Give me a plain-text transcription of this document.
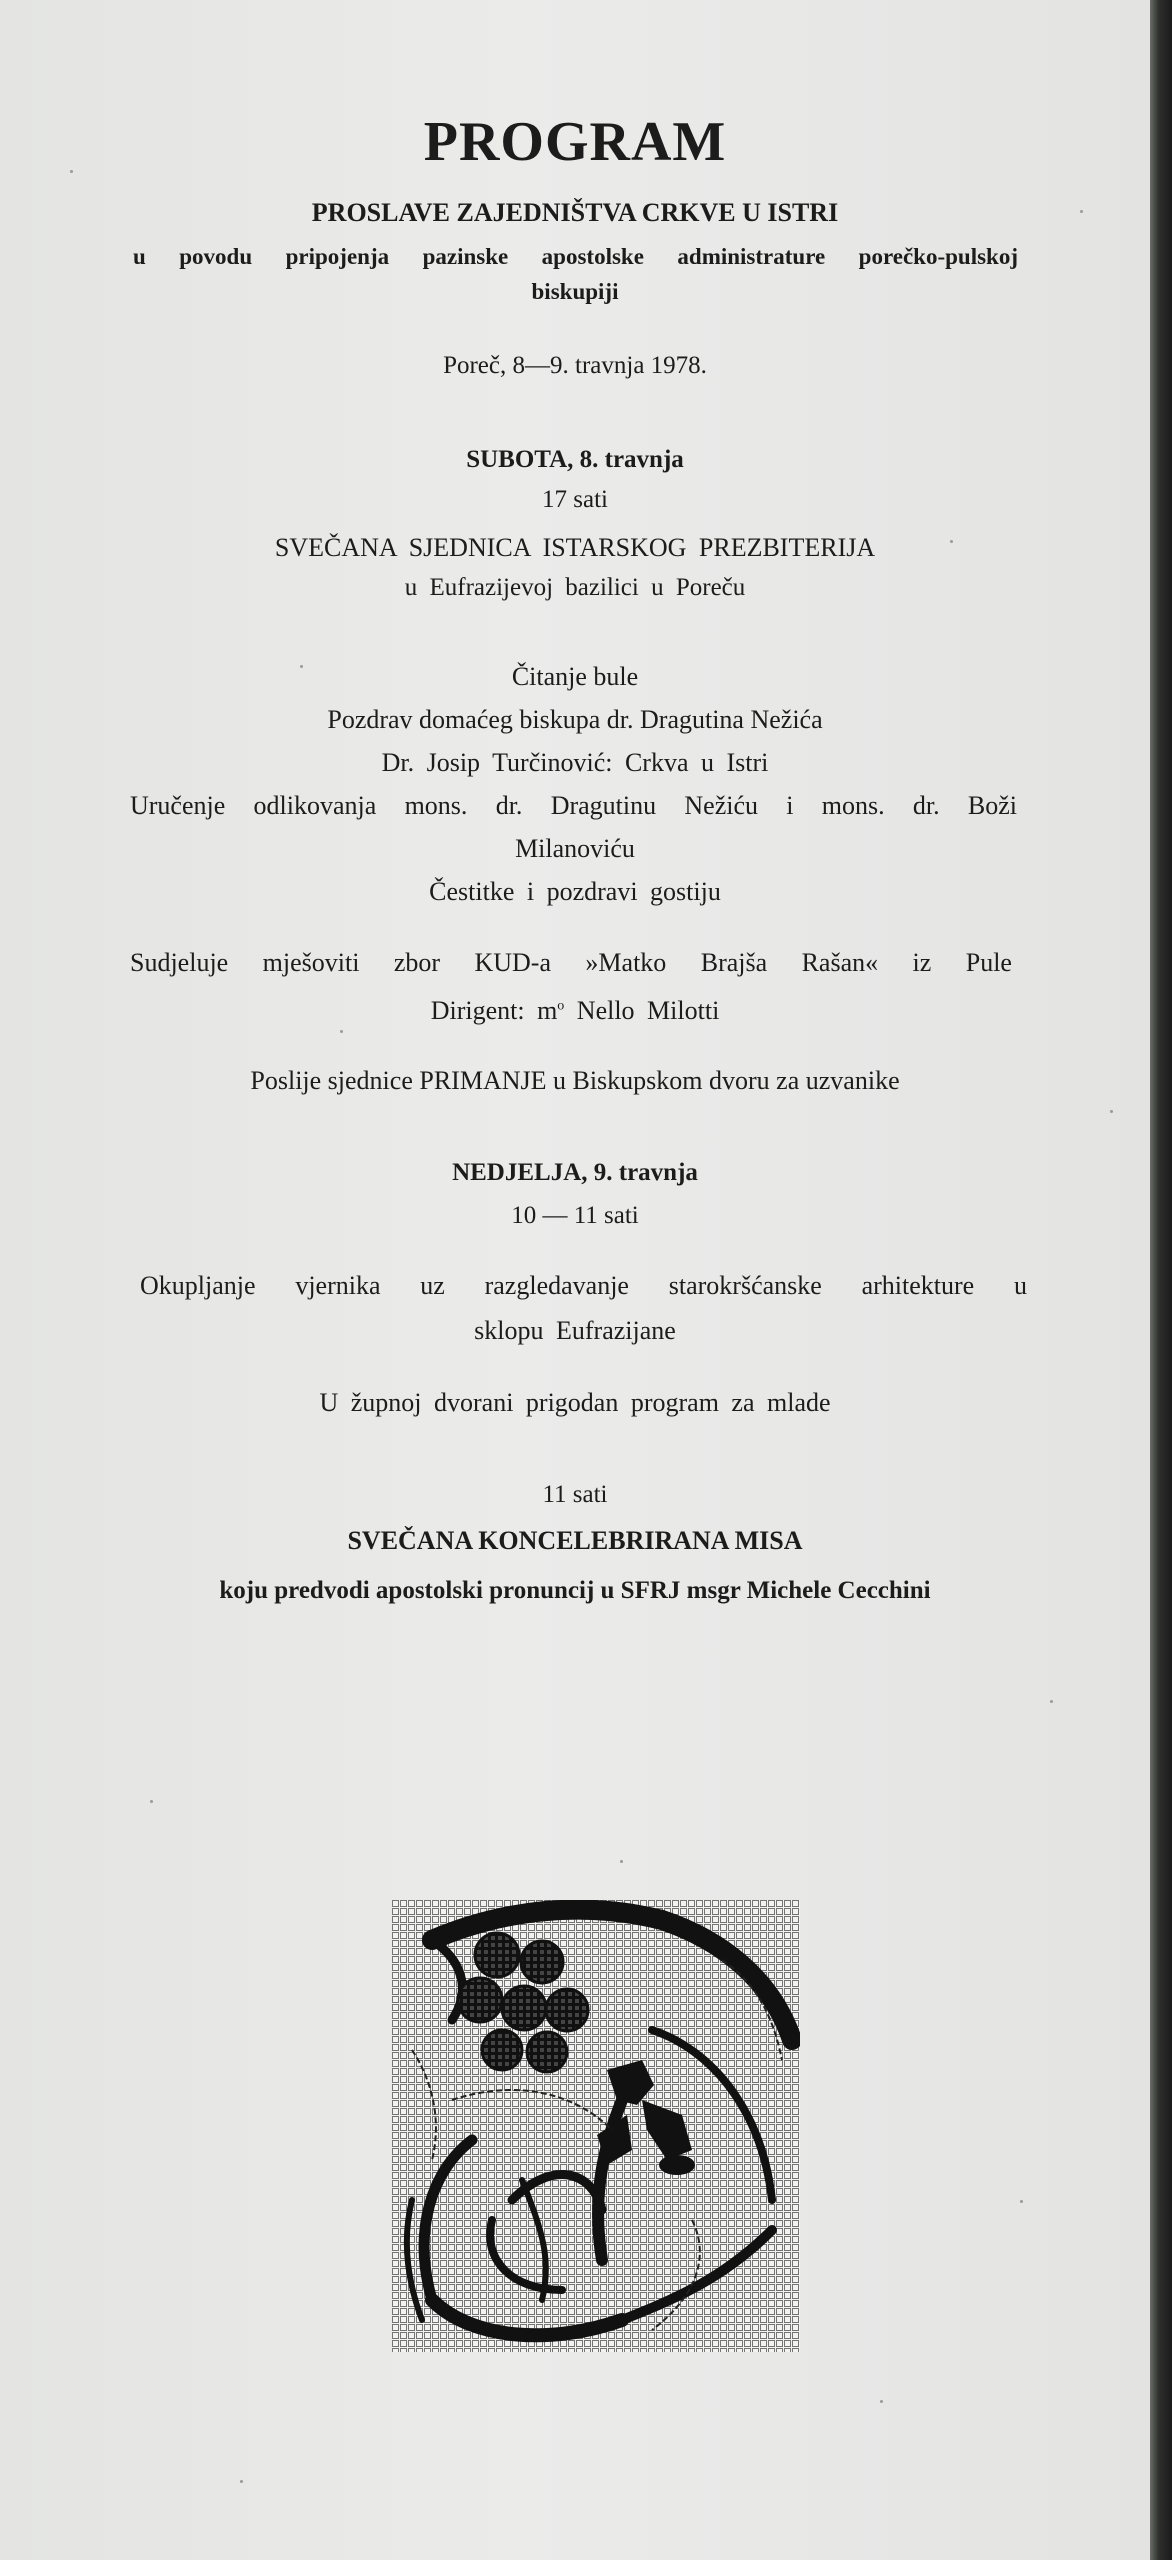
PROGRAM
PROSLAVE ZAJEDNIŠTVA CRKVE U ISTRI
u povodu pripojenja pazinske apostolske administrature porečko-pulskoj
biskupiji
Poreč, 8—9. travnja 1978.
SUBOTA, 8. travnja
17 sati
SVEČANA SJEDNICA ISTARSKOG PREZBITERIJA
u Eufrazijevoj bazilici u Poreču
Čitanje bule
Pozdrav domaćeg biskupa dr. Dragutina Nežića
Dr. Josip Turčinović: Crkva u Istri
Uručenje odlikovanja mons. dr. Dragutinu Nežiću i mons. dr. Boži
Milanoviću
Čestitke i pozdravi gostiju
Sudjeluje mješoviti zbor KUD-a »Matko Brajša Rašan« iz Pule
Dirigent: $m^o$ Nello Milotti
Poslije sjednice PRIMANJE u Biskupskom dvoru za uzvanike
NEDJELJA, 9. travnja
10 — 11 sati
Okupljanje vjernika uz razgledavanje starokršćanske arhitekture u
sklopu Eufrazijane
U župnoj dvorani prigodan program za mlade
11 sati
SVEČANA KONCELEBRIRANA MISA
koju predvodi apostolski pronuncij u SFRJ msgr Michele Cecchini
